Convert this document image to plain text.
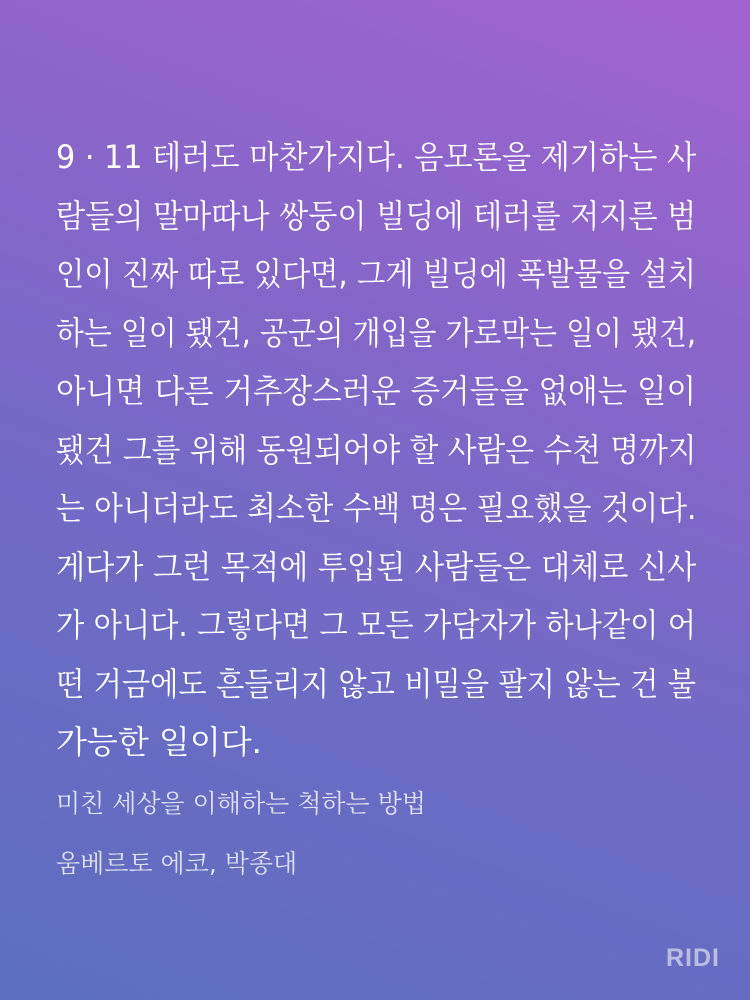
9 · 11 테러도 마찬가지다. 음모론을 제기하는 사
람들의 말마따나 쌍둥이 빌딩에 테러를 저지른 범
인이 진짜 따로 있다면, 그게 빌딩에 폭발물을 설치
하는 일이 됐건, 공군의 개입을 가로막는 일이 됐건,
아니면 다른 거추장스러운 증거들을 없애는 일이
됐건 그를 위해 동원되어야 할 사람은 수천 명까지
는 아니더라도 최소한 수백 명은 필요했을 것이다.
게다가 그런 목적에 투입된 사람들은 대체로 신사
가 아니다. 그렇다면 그 모든 가담자가 하나같이 어
떤 거금에도 흔들리지 않고 비밀을 팔지 않는 건 불
가능한 일이다.

미친 세상을 이해하는 척하는 방법

움베르토 에코, 박종대

RIDI
